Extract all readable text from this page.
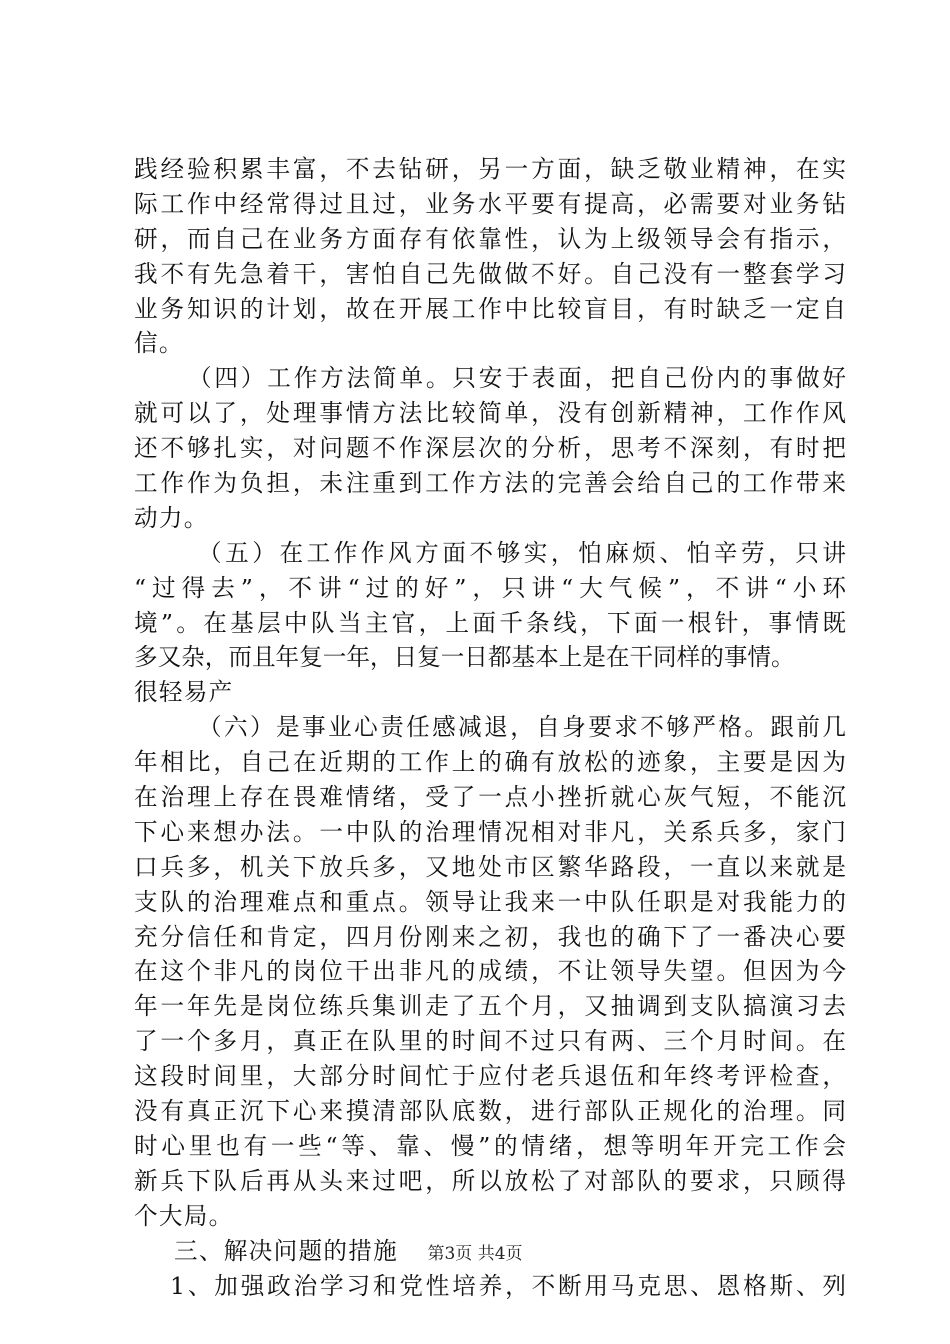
践经验积累丰富，不去钻研，另一方面，缺乏敬业精神，在实
际工作中经常得过且过，业务水平要有提高，必需要对业务钻
研，而自己在业务方面存有依靠性，认为上级领导会有指示，
我不有先急着干，害怕自己先做做不好。自己没有一整套学习
业务知识的计划，故在开展工作中比较盲目，有时缺乏一定自
信。
（四）工作方法简单。只安于表面，把自己份内的事做好
就可以了，处理事情方法比较简单，没有创新精神，工作作风
还不够扎实，对问题不作深层次的分析，思考不深刻，有时把
工作作为负担，未注重到工作方法的完善会给自己的工作带来
动力。
（五）在工作作风方面不够实，怕麻烦、怕辛劳，只讲
“过得去”，不讲“过的好”，只讲“大气候”，不讲“小环
境”。在基层中队当主官，上面千条线，下面一根针，事情既
多又杂，而且年复一年，日复一日都基本上是在干同样的事情。
很轻易产
（六）是事业心责任感减退，自身要求不够严格。跟前几
年相比，自己在近期的工作上的确有放松的迹象，主要是因为
在治理上存在畏难情绪，受了一点小挫折就心灰气短，不能沉
下心来想办法。一中队的治理情况相对非凡，关系兵多，家门
口兵多，机关下放兵多，又地处市区繁华路段，一直以来就是
支队的治理难点和重点。领导让我来一中队任职是对我能力的
充分信任和肯定，四月份刚来之初，我也的确下了一番决心要
在这个非凡的岗位干出非凡的成绩，不让领导失望。但因为今
年一年先是岗位练兵集训走了五个月，又抽调到支队搞演习去
了一个多月，真正在队里的时间不过只有两、三个月时间。在
这段时间里，大部分时间忙于应付老兵退伍和年终考评检查，
没有真正沉下心来摸清部队底数，进行部队正规化的治理。同
时心里也有一些“等、靠、慢”的情绪，想等明年开完工作会
新兵下队后再从头来过吧，所以放松了对部队的要求，只顾得
个大局。
三、解决问题的措施
1、加强政治学习和党性培养，不断用马克思、恩格斯、列
第3页 共4页
